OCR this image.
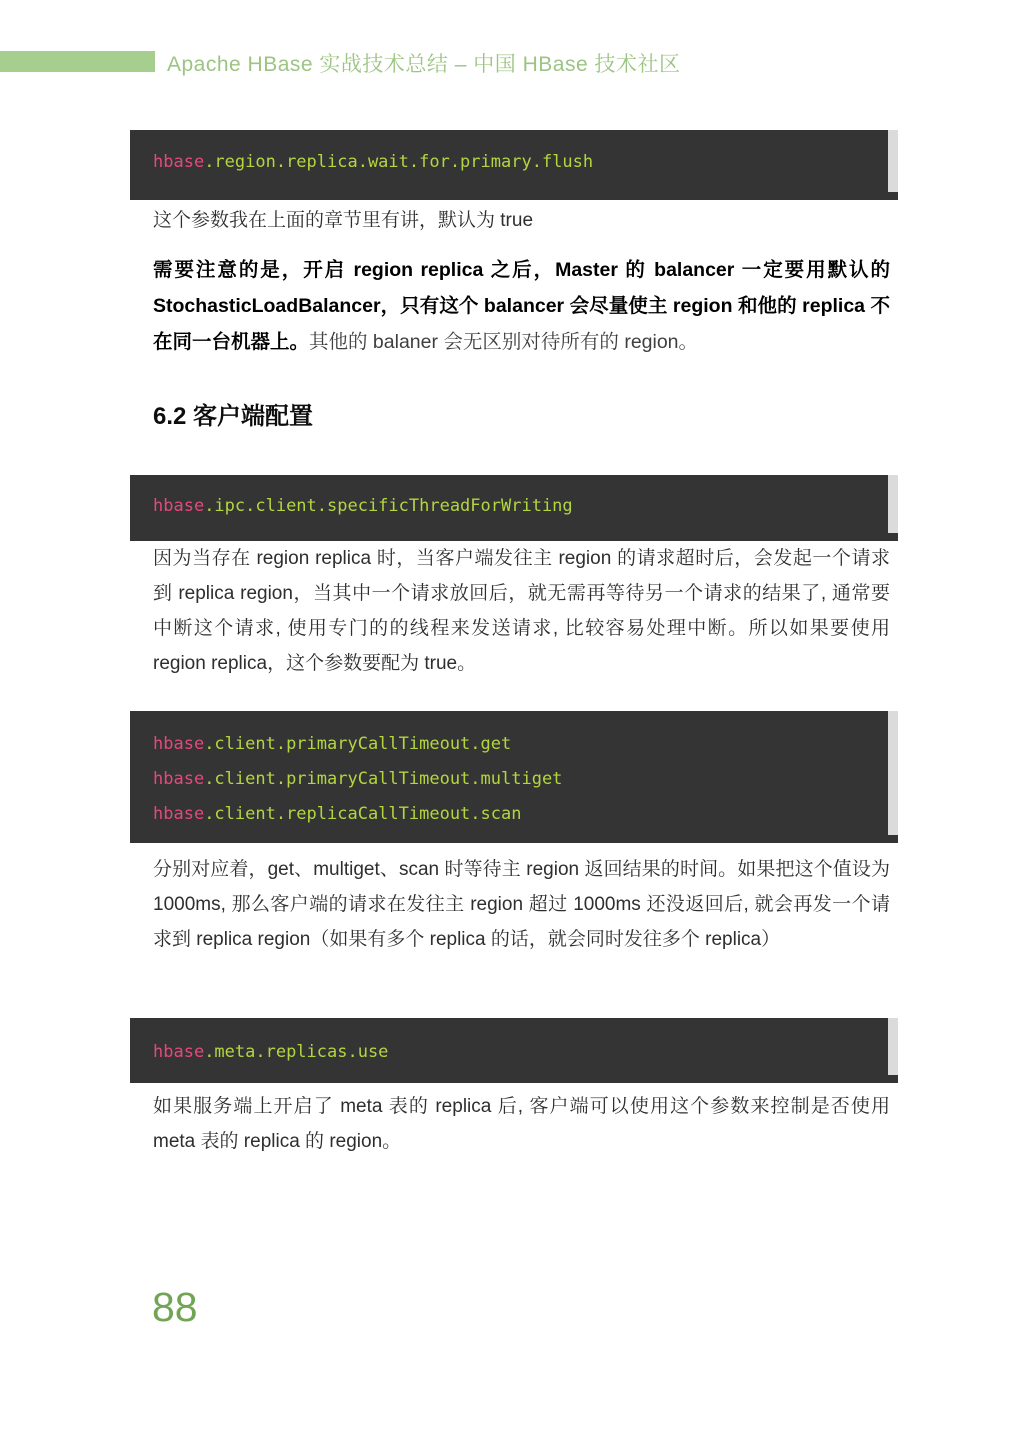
Apache HBase 实战技术总结 – 中国 HBase 技术社区
hbase.region.replica.wait.for.primary.flush
这个参数我在上面的章节里有讲，默认为 true
需要注意的是，开启 region replica 之后，Master 的 balancer 一定要用默认的 StochasticLoadBalancer，只有这个 balancer 会尽量使主 region 和他的 replica 不在同一台机器上。其他的 balaner 会无区别对待所有的 region。
6.2 客户端配置
hbase.ipc.client.specificThreadForWriting
因为当存在 region replica 时，当客户端发往主 region 的请求超时后，会发起一个请求到 replica region，当其中一个请求放回后，就无需再等待另一个请求的结果了, 通常要中断这个请求, 使用专门的的线程来发送请求, 比较容易处理中断。所以如果要使用 region replica，这个参数要配为 true。
hbase.client.primaryCallTimeout.get
hbase.client.primaryCallTimeout.multiget
hbase.client.replicaCallTimeout.scan
分别对应着，get、multiget、scan 时等待主 region 返回结果的时间。如果把这个值设为 1000ms, 那么客户端的请求在发往主 region 超过 1000ms 还没返回后, 就会再发一个请求到 replica region（如果有多个 replica 的话，就会同时发往多个 replica）
hbase.meta.replicas.use
如果服务端上开启了 meta 表的 replica 后, 客户端可以使用这个参数来控制是否使用 meta 表的 replica 的 region。
88
